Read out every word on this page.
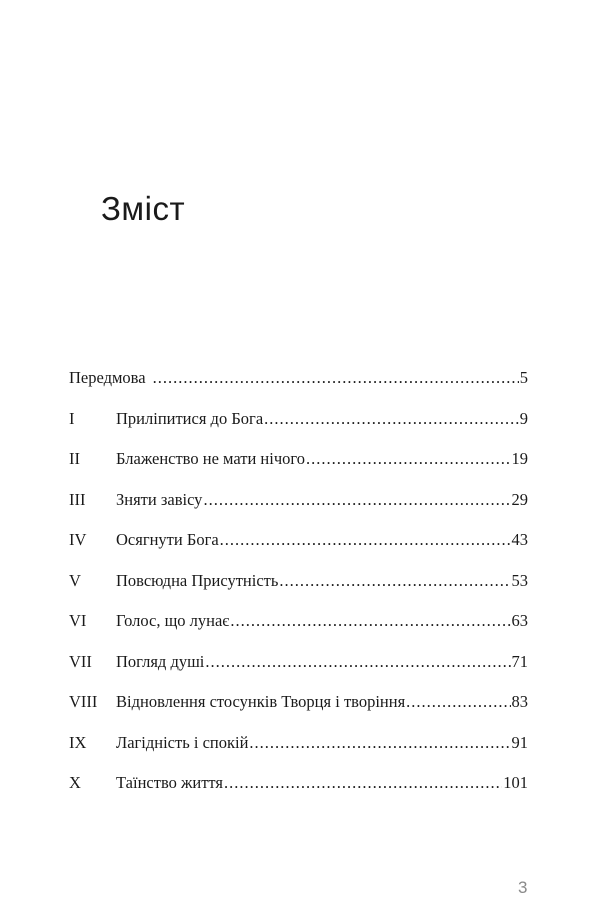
Зміст
Передмова .....	5
I	Приліпитися до Бога .....	9
II	Блаженство не мати нічого .....	19
III	Зняти завісу .....	29
IV	Осягнути Бога .....	43
V	Повсюдна Присутність .....	53
VI	Голос, що лунає .....	63
VII	Погляд душі .....	71
VIII	Відновлення стосунків Творця і творіння .....	83
IX	Лагідність і спокій .....	91
X	Таїнство життя .....	101
3
